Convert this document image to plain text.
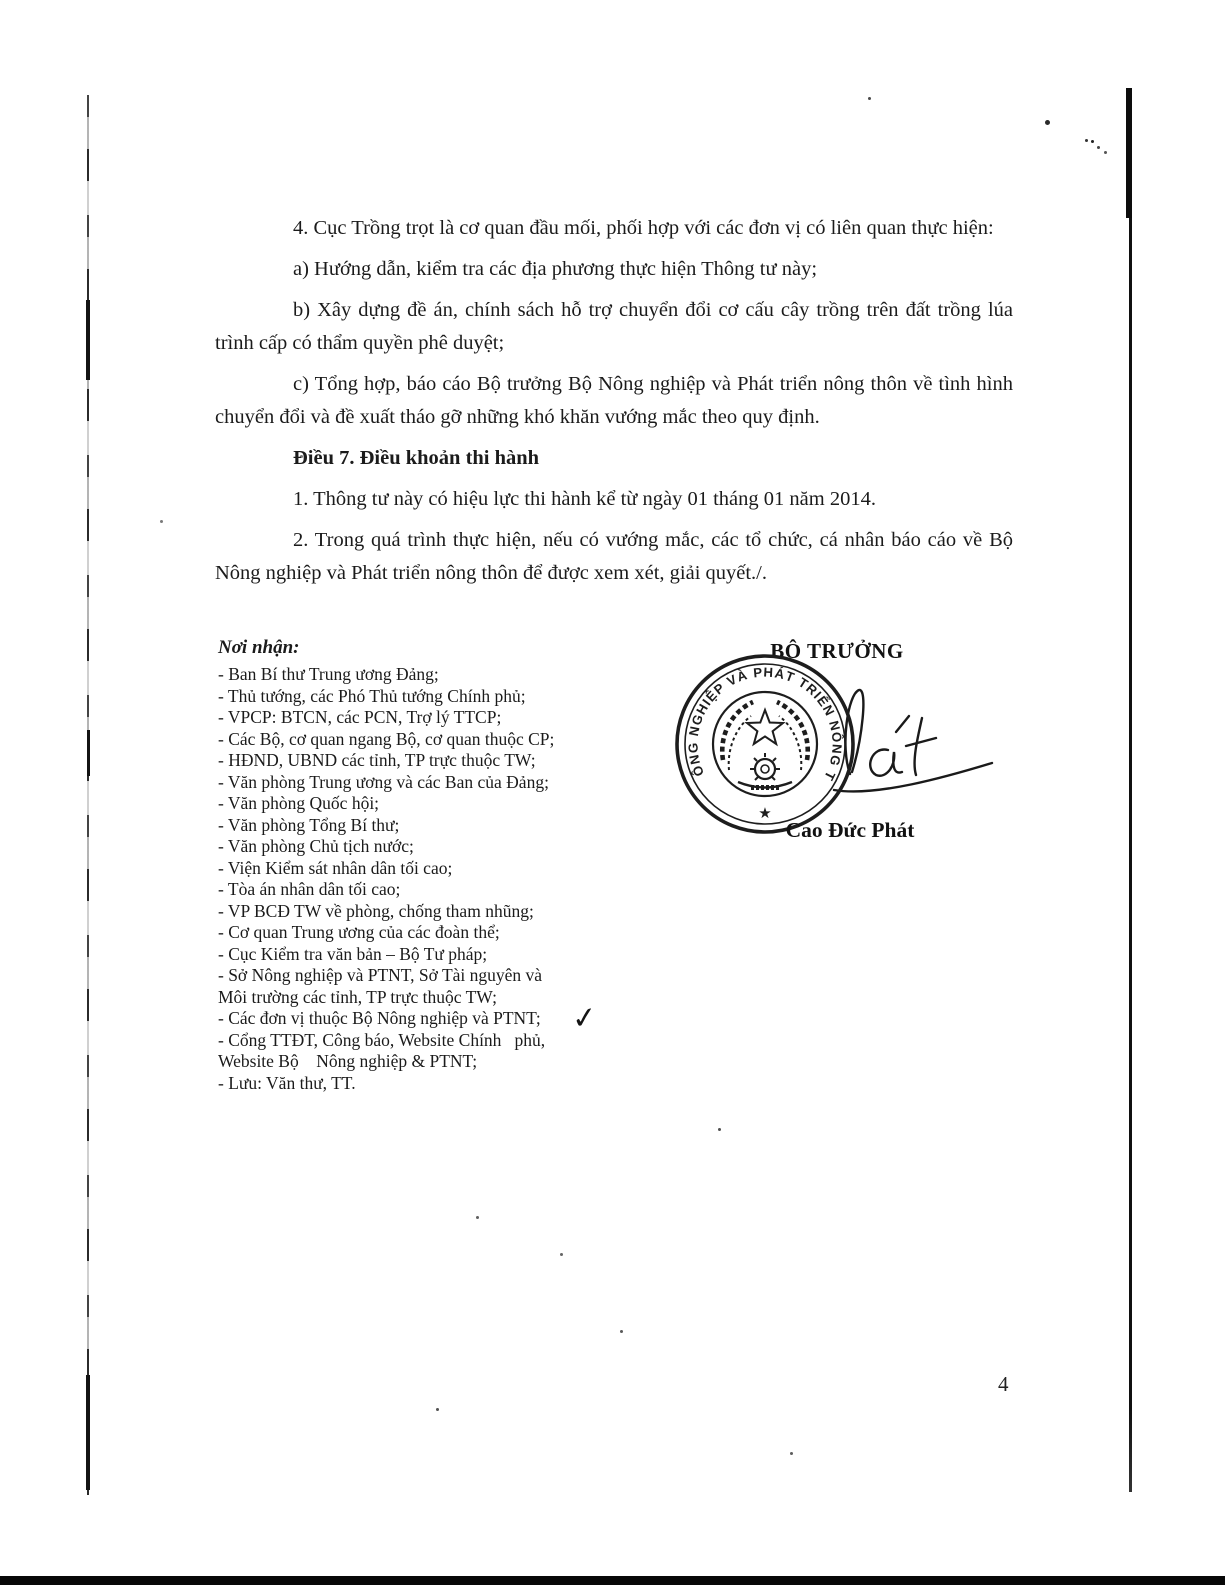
4. Cục Trồng trọt là cơ quan đầu mối, phối hợp với các đơn vị có liên quan thực hiện:

a) Hướng dẫn, kiểm tra các địa phương thực hiện Thông tư này;

b) Xây dựng đề án, chính sách hỗ trợ chuyển đổi cơ cấu cây trồng trên đất trồng lúa trình cấp có thẩm quyền phê duyệt;

c) Tổng hợp, báo cáo Bộ trưởng Bộ Nông nghiệp và Phát triển nông thôn về tình hình chuyển đổi và đề xuất tháo gỡ những khó khăn vướng mắc theo quy định.

Điều 7. Điều khoản thi hành

1. Thông tư này có hiệu lực thi hành kể từ ngày 01 tháng 01 năm 2014.

2. Trong quá trình thực hiện, nếu có vướng mắc, các tổ chức, cá nhân báo cáo về Bộ Nông nghiệp và Phát triển nông thôn để được xem xét, giải quyết./.

Nơi nhận:

- Ban Bí thư Trung ương Đảng;
- Thủ tướng, các Phó Thủ tướng Chính phủ;
- VPCP: BTCN, các PCN, Trợ lý TTCP;
- Các Bộ, cơ quan ngang Bộ, cơ quan thuộc CP;
- HĐND, UBND các tỉnh, TP trực thuộc TW;
- Văn phòng Trung ương và các Ban của Đảng;
- Văn phòng Quốc hội;
- Văn phòng Tổng Bí thư;
- Văn phòng Chủ tịch nước;
- Viện Kiểm sát nhân dân tối cao;
- Tòa án nhân dân tối cao;
- VP BCĐ TW về phòng, chống tham nhũng;
- Cơ quan Trung ương của các đoàn thể;
- Cục Kiểm tra văn bản – Bộ Tư pháp;
- Sở Nông nghiệp và PTNT, Sở Tài nguyên và
Môi trường các tỉnh, TP trực thuộc TW;
- Các đơn vị thuộc Bộ Nông nghiệp và PTNT;
- Cổng TTĐT, Công báo, Website Chính   phủ,
Website Bộ    Nông nghiệp & PTNT;
- Lưu: Văn thư, TT.
✓
BỘ TRƯỞNG
BỘ NÔNG NGHIỆP VÀ PHÁT TRIỂN NÔNG THÔN
★
Cao Đức Phát
4
